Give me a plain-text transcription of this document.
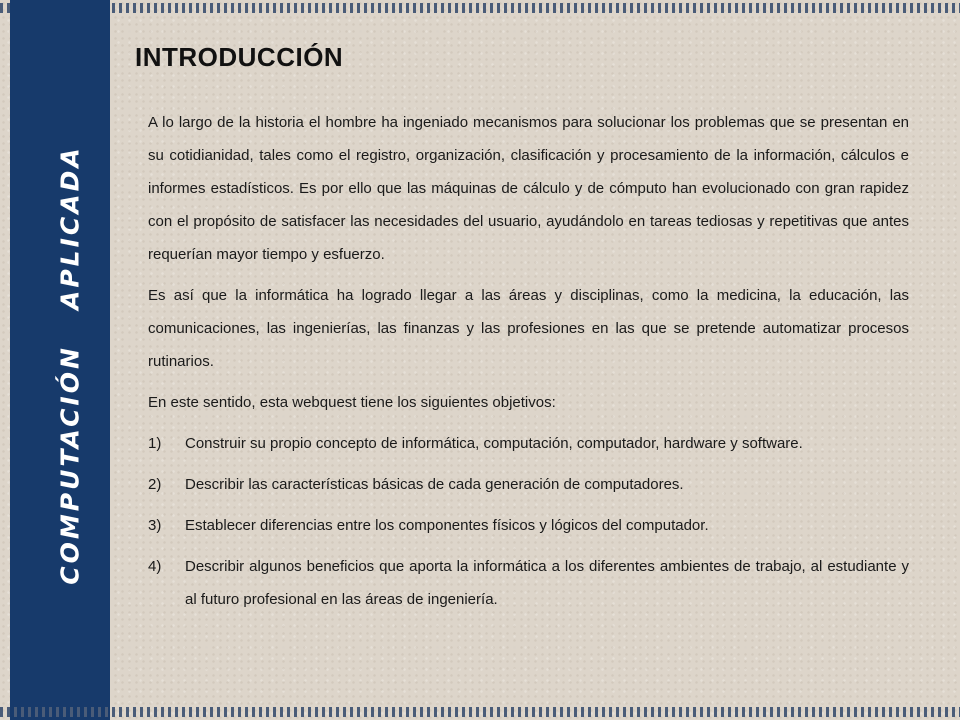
COMPUTACIÓN   APLICADA
INTRODUCCIÓN

A lo largo de la historia el hombre ha ingeniado mecanismos para solucionar los problemas que se presentan en su cotidianidad, tales como el registro, organización, clasificación y procesamiento de la información, cálculos e informes estadísticos. Es por ello que las máquinas de cálculo y de cómputo han evolucionado con gran rapidez con el propósito de satisfacer las necesidades del usuario, ayudándolo en tareas tediosas y repetitivas que antes requerían mayor tiempo y esfuerzo.

Es así que la informática ha logrado llegar a las áreas y disciplinas, como la medicina, la educación, las comunicaciones, las ingenierías, las finanzas y las profesiones en las que se pretende automatizar procesos rutinarios.

En este sentido, esta webquest tiene los siguientes objetivos:

1)	Construir su propio concepto de informática, computación, computador, hardware y software.
2)	Describir las características básicas de cada generación de computadores.
3)	Establecer diferencias entre los componentes físicos y lógicos del computador.
4)	Describir algunos beneficios que aporta la informática a los diferentes ambientes de trabajo, al estudiante y al futuro profesional en las áreas de ingeniería.
